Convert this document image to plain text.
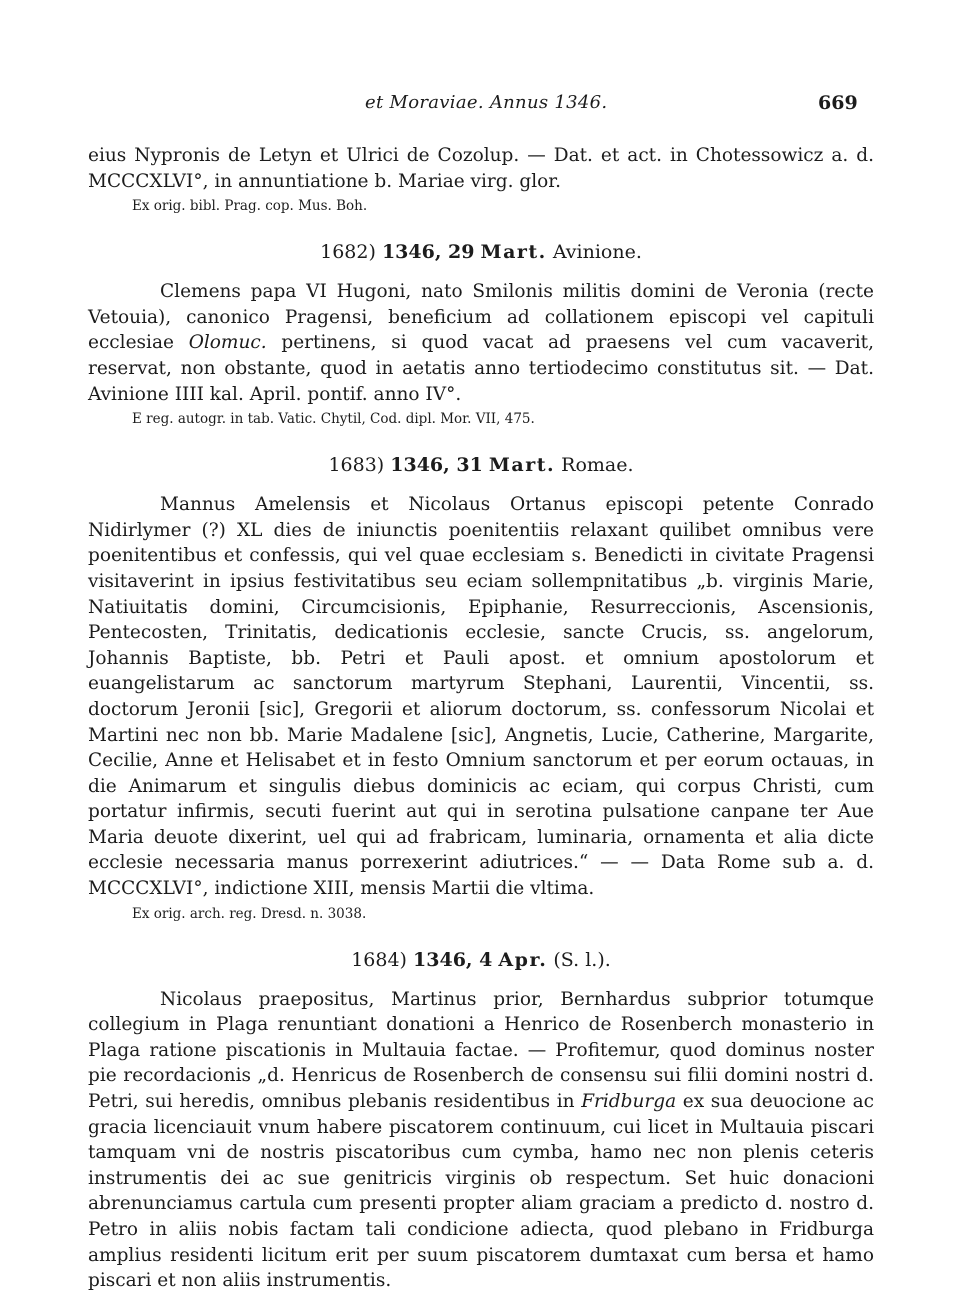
et Moraviae. Annus 1346.	669

eius Nypronis de Letyn et Ulrici de Cozolup. — Dat. et act. in Chotessowicz a. d. MCCCXLVI°, in annuntiatione b. Mariae virg. glor.

Ex orig. bibl. Prag. cop. Mus. Boh.

1682) 1346, 29 Mart. Avinione.

Clemens papa VI Hugoni, nato Smilonis militis domini de Veronia (recte Vetouia), canonico Pragensi, beneficium ad collationem episcopi vel capituli ecclesiae Olomuc. pertinens, si quod vacat ad praesens vel cum vacaverit, reservat, non obstante, quod in aetatis anno tertiodecimo constitutus sit. — Dat. Avinione IIII kal. April. pontif. anno IV°.

E reg. autogr. in tab. Vatic. Chytil, Cod. dipl. Mor. VII, 475.

1683) 1346, 31 Mart. Romae.

Mannus Amelensis et Nicolaus Ortanus episcopi petente Conrado Nidirlymer (?) XL dies de iniunctis poenitentiis relaxant quilibet omnibus vere poenitentibus et confessis, qui vel quae ecclesiam s. Benedicti in civitate Pragensi visitaverint in ipsius festivitatibus seu eciam sollempnitatibus „b. virginis Marie, Natiuitatis domini, Circumcisionis, Epiphanie, Resurreccionis, Ascensionis, Pentecosten, Trinitatis, dedicationis ecclesie, sancte Crucis, ss. angelorum, Johannis Baptiste, bb. Petri et Pauli apost. et omnium apostolorum et euangelistarum ac sanctorum martyrum Stephani, Laurentii, Vincentii, ss. doctorum Jeronii [sic], Gregorii et aliorum doctorum, ss. confessorum Nicolai et Martini nec non bb. Marie Madalene [sic], Angnetis, Lucie, Catherine, Margarite, Cecilie, Anne et Helisabet et in festo Omnium sanctorum et per eorum octauas, in die Animarum et singulis diebus dominicis ac eciam, qui corpus Christi, cum portatur infirmis, secuti fuerint aut qui in serotina pulsatione canpane ter Aue Maria deuote dixerint, uel qui ad frabricam, luminaria, ornamenta et alia dicte ecclesie necessaria manus porrexerint adiutrices.“ — — Data Rome sub a. d. MCCCXLVI°, indictione XIII, mensis Martii die vltima.

Ex orig. arch. reg. Dresd. n. 3038.

1684) 1346, 4 Apr. (S. l.).

Nicolaus praepositus, Martinus prior, Bernhardus subprior totumque collegium in Plaga renuntiant donationi a Henrico de Rosenberch monasterio in Plaga ratione piscationis in Multauia factae. — Profitemur, quod dominus noster pie recordacionis „d. Henricus de Rosenberch de consensu sui filii domini nostri d. Petri, sui heredis, omnibus plebanis residentibus in Fridburga ex sua deuocione ac gracia licenciauit vnum habere piscatorem continuum, cui licet in Multauia piscari tamquam vni de nostris piscatoribus cum cymba, hamo nec non plenis ceteris instrumentis dei ac sue genitricis virginis ob respectum. Set huic donacioni abrenunciamus cartula cum presenti propter aliam graciam a predicto d. nostro d. Petro in aliis nobis factam tali condicione adiecta, quod plebano in Fridburga amplius residenti licitum erit per suum piscatorem dumtaxat cum bersa et hamo piscari et non aliis instrumentis.
